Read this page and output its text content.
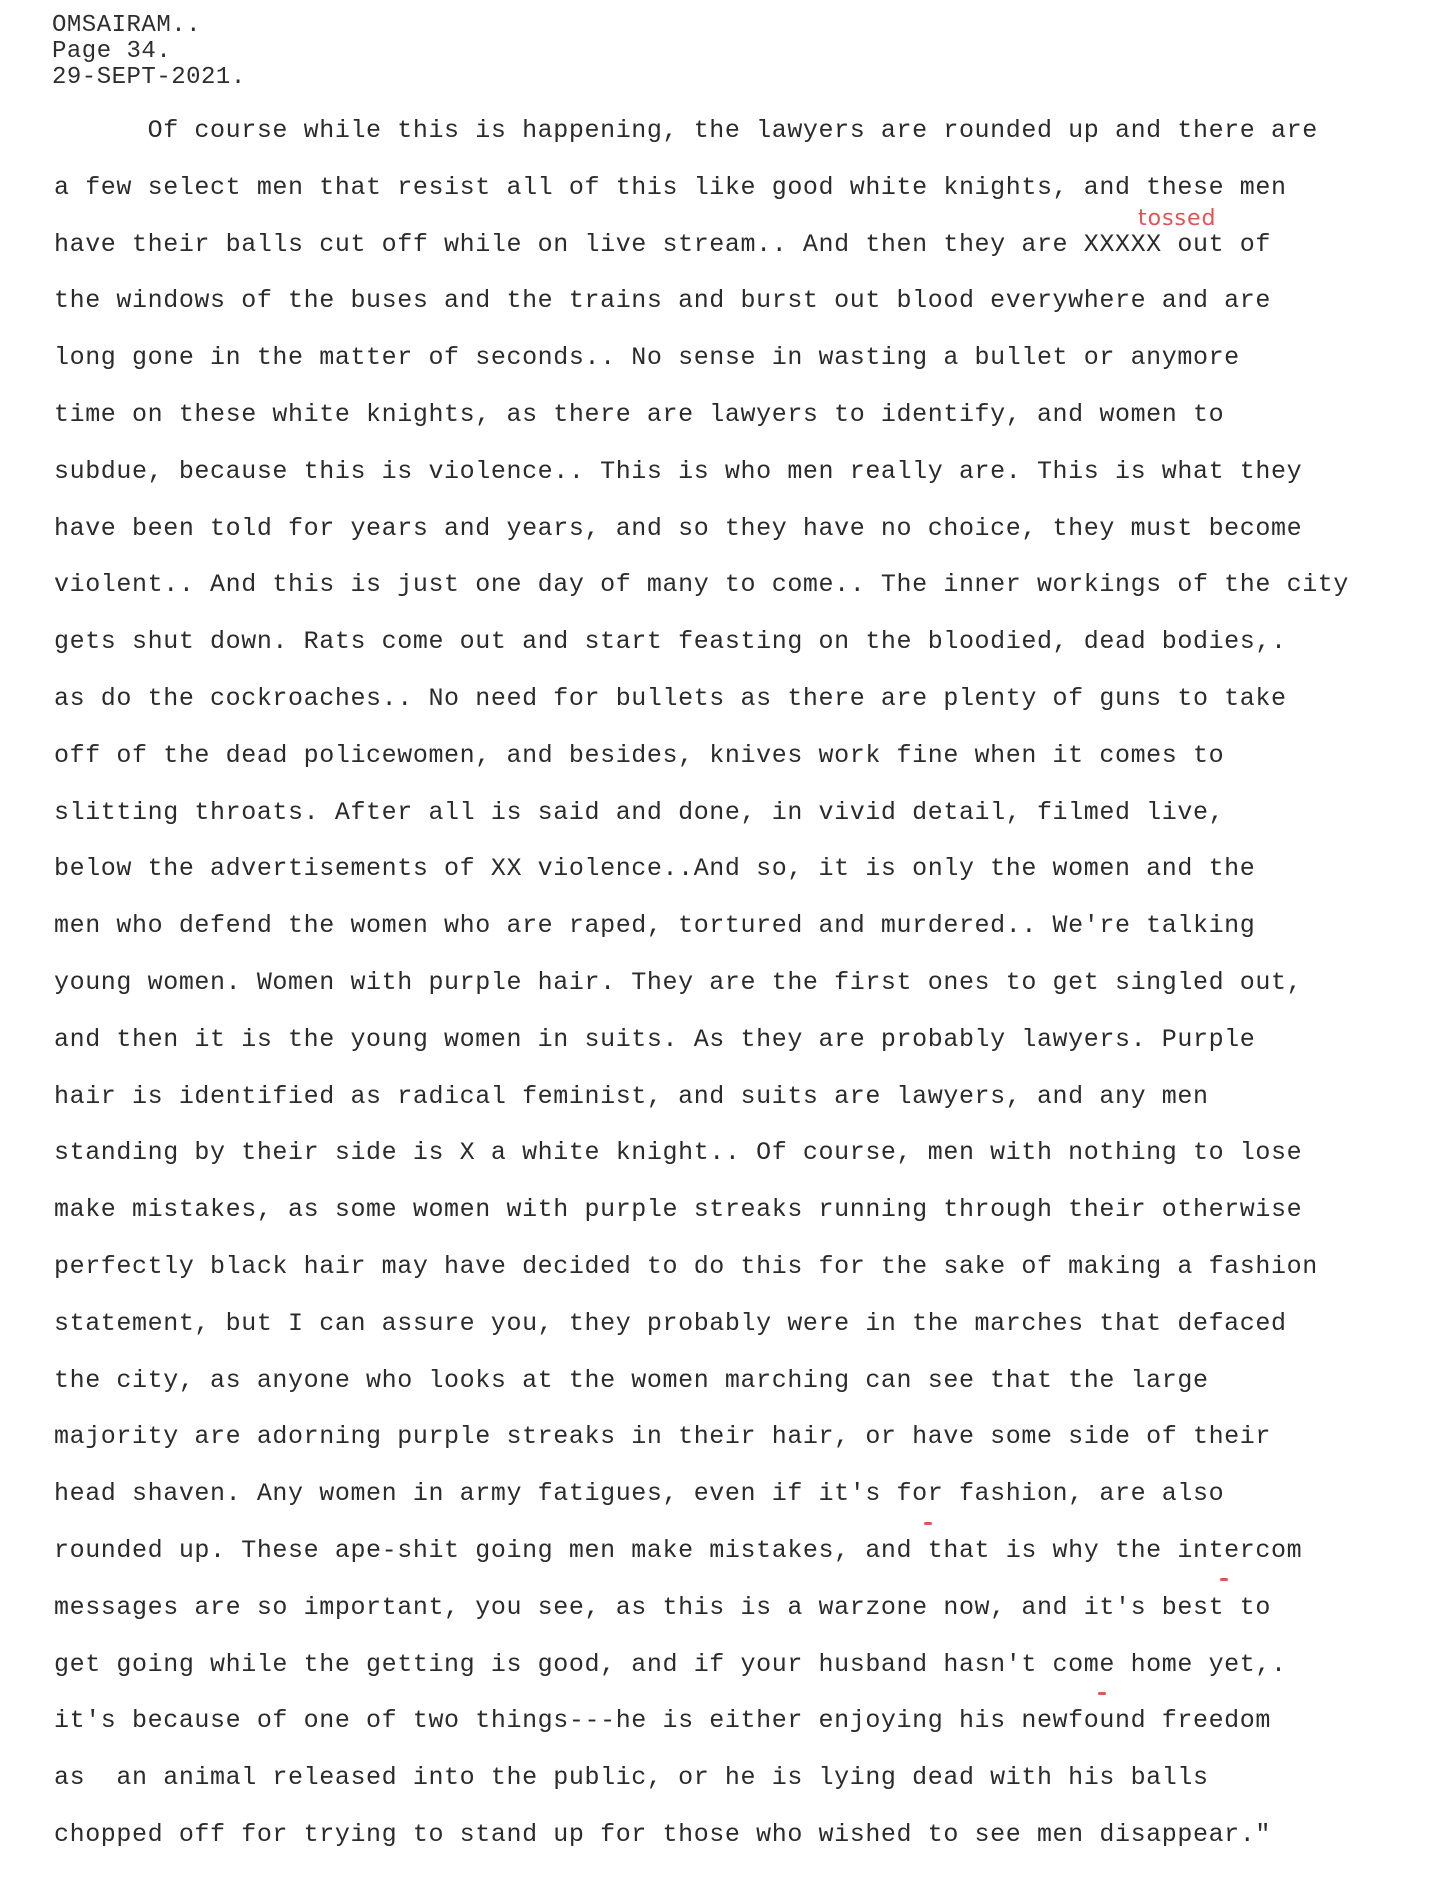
OMSAIRAM..
Page 34.
29-SEPT-2021.
tossed
Of course while this is happening, the lawyers are rounded up and there are
a few select men that resist all of this like good white knights, and these men
have their balls cut off while on live stream.. And then they are XXXXX out of
the windows of the buses and the trains and burst out blood everywhere and are
long gone in the matter of seconds.. No sense in wasting a bullet or anymore
time on these white knights, as there are lawyers to identify, and women to
subdue, because this is violence.. This is who men really are. This is what they
have been told for years and years, and so they have no choice, they must become
violent.. And this is just one day of many to come.. The inner workings of the city
gets shut down. Rats come out and start feasting on the bloodied, dead bodies,.
as do the cockroaches.. No need for bullets as there are plenty of guns to take
off of the dead policewomen, and besides, knives work fine when it comes to
slitting throats. After all is said and done, in vivid detail, filmed live,
below the advertisements of XX violence..And so, it is only the women and the
men who defend the women who are raped, tortured and murdered.. We're talking
young women. Women with purple hair. They are the first ones to get singled out,
and then it is the young women in suits. As they are probably lawyers. Purple
hair is identified as radical feminist, and suits are lawyers, and any men
standing by their side is X a white knight.. Of course, men with nothing to lose
make mistakes, as some women with purple streaks running through their otherwise
perfectly black hair may have decided to do this for the sake of making a fashion
statement, but I can assure you, they probably were in the marches that defaced
the city, as anyone who looks at the women marching can see that the large
majority are adorning purple streaks in their hair, or have some side of their
head shaven. Any women in army fatigues, even if it's for fashion, are also
rounded up. These ape-shit going men make mistakes, and that is why the intercom
messages are so important, you see, as this is a warzone now, and it's best to
get going while the getting is good, and if your husband hasn't come home yet,.
it's because of one of two things---he is either enjoying his newfound freedom
as  an animal released into the public, or he is lying dead with his balls
chopped off for trying to stand up for those who wished to see men disappear."
